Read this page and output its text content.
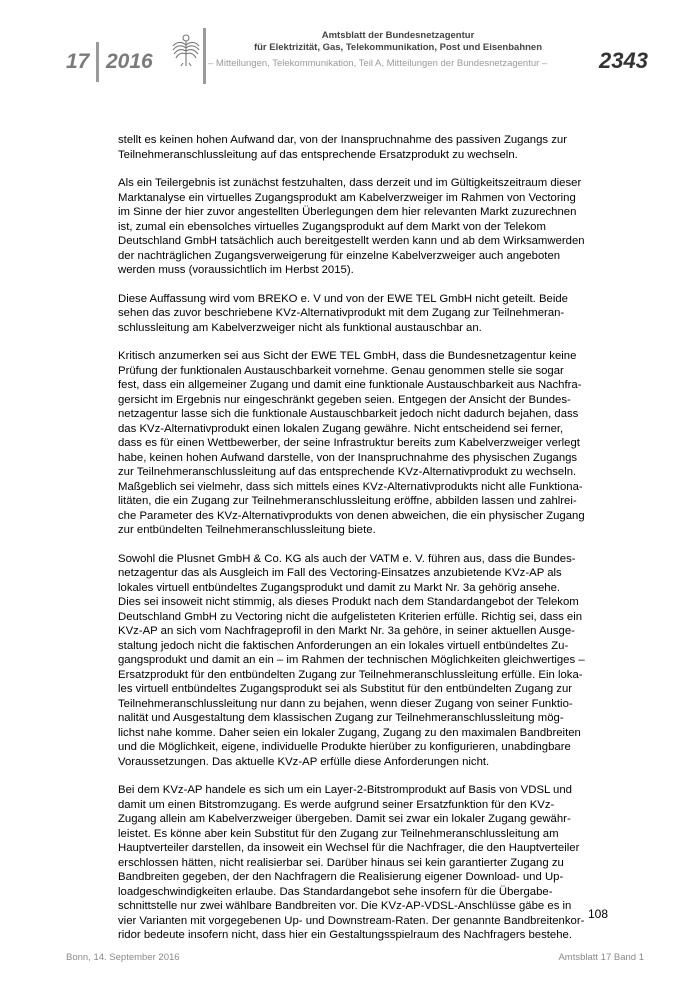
17 2016
Amtsblatt der Bundesnetzagentur
für Elektrizität, Gas, Telekommunikation, Post und Eisenbahnen
– Mitteilungen, Telekommunikation, Teil A, Mitteilungen der Bundesnetzagentur –	2343

stellt es keinen hohen Aufwand dar, von der Inanspruchnahme des passiven Zugangs zur
Teilnehmeranschlussleitung auf das entsprechende Ersatzprodukt zu wechseln.

Als ein Teilergebnis ist zunächst festzuhalten, dass derzeit und im Gültigkeitszeitraum dieser
Marktanalyse ein virtuelles Zugangsprodukt am Kabelverzweiger im Rahmen von Vectoring
im Sinne der hier zuvor angestellten Überlegungen dem hier relevanten Markt zuzurechnen
ist, zumal ein ebensolches virtuelles Zugangsprodukt auf dem Markt von der Telekom
Deutschland GmbH tatsächlich auch bereitgestellt werden kann und ab dem Wirksamwerden
der nachträglichen Zugangsverweigerung für einzelne Kabelverzweiger auch angeboten
werden muss (voraussichtlich im Herbst 2015).

Diese Auffassung wird vom BREKO e. V und von der EWE TEL GmbH nicht geteilt. Beide
sehen das zuvor beschriebene KVz-Alternativprodukt mit dem Zugang zur Teilnehmeran-
schlussleitung am Kabelverzweiger nicht als funktional austauschbar an.

Kritisch anzumerken sei aus Sicht der EWE TEL GmbH, dass die Bundesnetzagentur keine
Prüfung der funktionalen Austauschbarkeit vornehme. Genau genommen stelle sie sogar
fest, dass ein allgemeiner Zugang und damit eine funktionale Austauschbarkeit aus Nachfra-
gersicht im Ergebnis nur eingeschränkt gegeben seien. Entgegen der Ansicht der Bundes-
netzagentur lasse sich die funktionale Austauschbarkeit jedoch nicht dadurch bejahen, dass
das KVz-Alternativprodukt einen lokalen Zugang gewähre. Nicht entscheidend sei ferner,
dass es für einen Wettbewerber, der seine Infrastruktur bereits zum Kabelverzweiger verlegt
habe, keinen hohen Aufwand darstelle, von der Inanspruchnahme des physischen Zugangs
zur Teilnehmeranschlussleitung auf das entsprechende KVz-Alternativprodukt zu wechseln.
Maßgeblich sei vielmehr, dass sich mittels eines KVz-Alternativprodukts nicht alle Funktiona-
litäten, die ein Zugang zur Teilnehmeranschlussleitung eröffne, abbilden lassen und zahlrei-
che Parameter des KVz-Alternativprodukts von denen abweichen, die ein physischer Zugang
zur entbündelten Teilnehmeranschlussleitung biete.

Sowohl die Plusnet GmbH & Co. KG als auch der VATM e. V. führen aus, dass die Bundes-
netzagentur das als Ausgleich im Fall des Vectoring-Einsatzes anzubietende KVz-AP als
lokales virtuell entbündeltes Zugangsprodukt und damit zu Markt Nr. 3a gehörig ansehe.
Dies sei insoweit nicht stimmig, als dieses Produkt nach dem Standardangebot der Telekom
Deutschland GmbH zu Vectoring nicht die aufgelisteten Kriterien erfülle. Richtig sei, dass ein
KVz-AP an sich vom Nachfrageprofil in den Markt Nr. 3a gehöre, in seiner aktuellen Ausge-
staltung jedoch nicht die faktischen Anforderungen an ein lokales virtuell entbündeltes Zu-
gangsprodukt und damit an ein – im Rahmen der technischen Möglichkeiten gleichwertiges –
Ersatzprodukt für den entbündelten Zugang zur Teilnehmeranschlussleitung erfülle. Ein loka-
les virtuell entbündeltes Zugangsprodukt sei als Substitut für den entbündelten Zugang zur
Teilnehmeranschlussleitung nur dann zu bejahen, wenn dieser Zugang von seiner Funktio-
nalität und Ausgestaltung dem klassischen Zugang zur Teilnehmeranschlussleitung mög-
lichst nahe komme. Daher seien ein lokaler Zugang, Zugang zu den maximalen Bandbreiten
und die Möglichkeit, eigene, individuelle Produkte hierüber zu konfigurieren, unabdingbare
Voraussetzungen. Das aktuelle KVz-AP erfülle diese Anforderungen nicht.

Bei dem KVz-AP handele es sich um ein Layer-2-Bitstromprodukt auf Basis von VDSL und
damit um einen Bitstromzugang. Es werde aufgrund seiner Ersatzfunktion für den KVz-
Zugang allein am Kabelverzweiger übergeben. Damit sei zwar ein lokaler Zugang gewähr-
leistet. Es könne aber kein Substitut für den Zugang zur Teilnehmeranschlussleitung am
Hauptverteiler darstellen, da insoweit ein Wechsel für die Nachfrager, die den Hauptverteiler
erschlossen hätten, nicht realisierbar sei. Darüber hinaus sei kein garantierter Zugang zu
Bandbreiten gegeben, der den Nachfragern die Realisierung eigener Download- und Up-
loadgeschwindigkeiten erlaube. Das Standardangebot sehe insofern für die Übergabe-
schnittstelle nur zwei wählbare Bandbreiten vor. Die KVz-AP-VDSL-Anschlüsse gäbe es in
vier Varianten mit vorgegebenen Up- und Downstream-Raten. Der genannte Bandbreitenkor-
ridor bedeute insofern nicht, dass hier ein Gestaltungsspielraum des Nachfragers bestehe.

108
Bonn, 14. September 2016	Amtsblatt 17 Band 1
